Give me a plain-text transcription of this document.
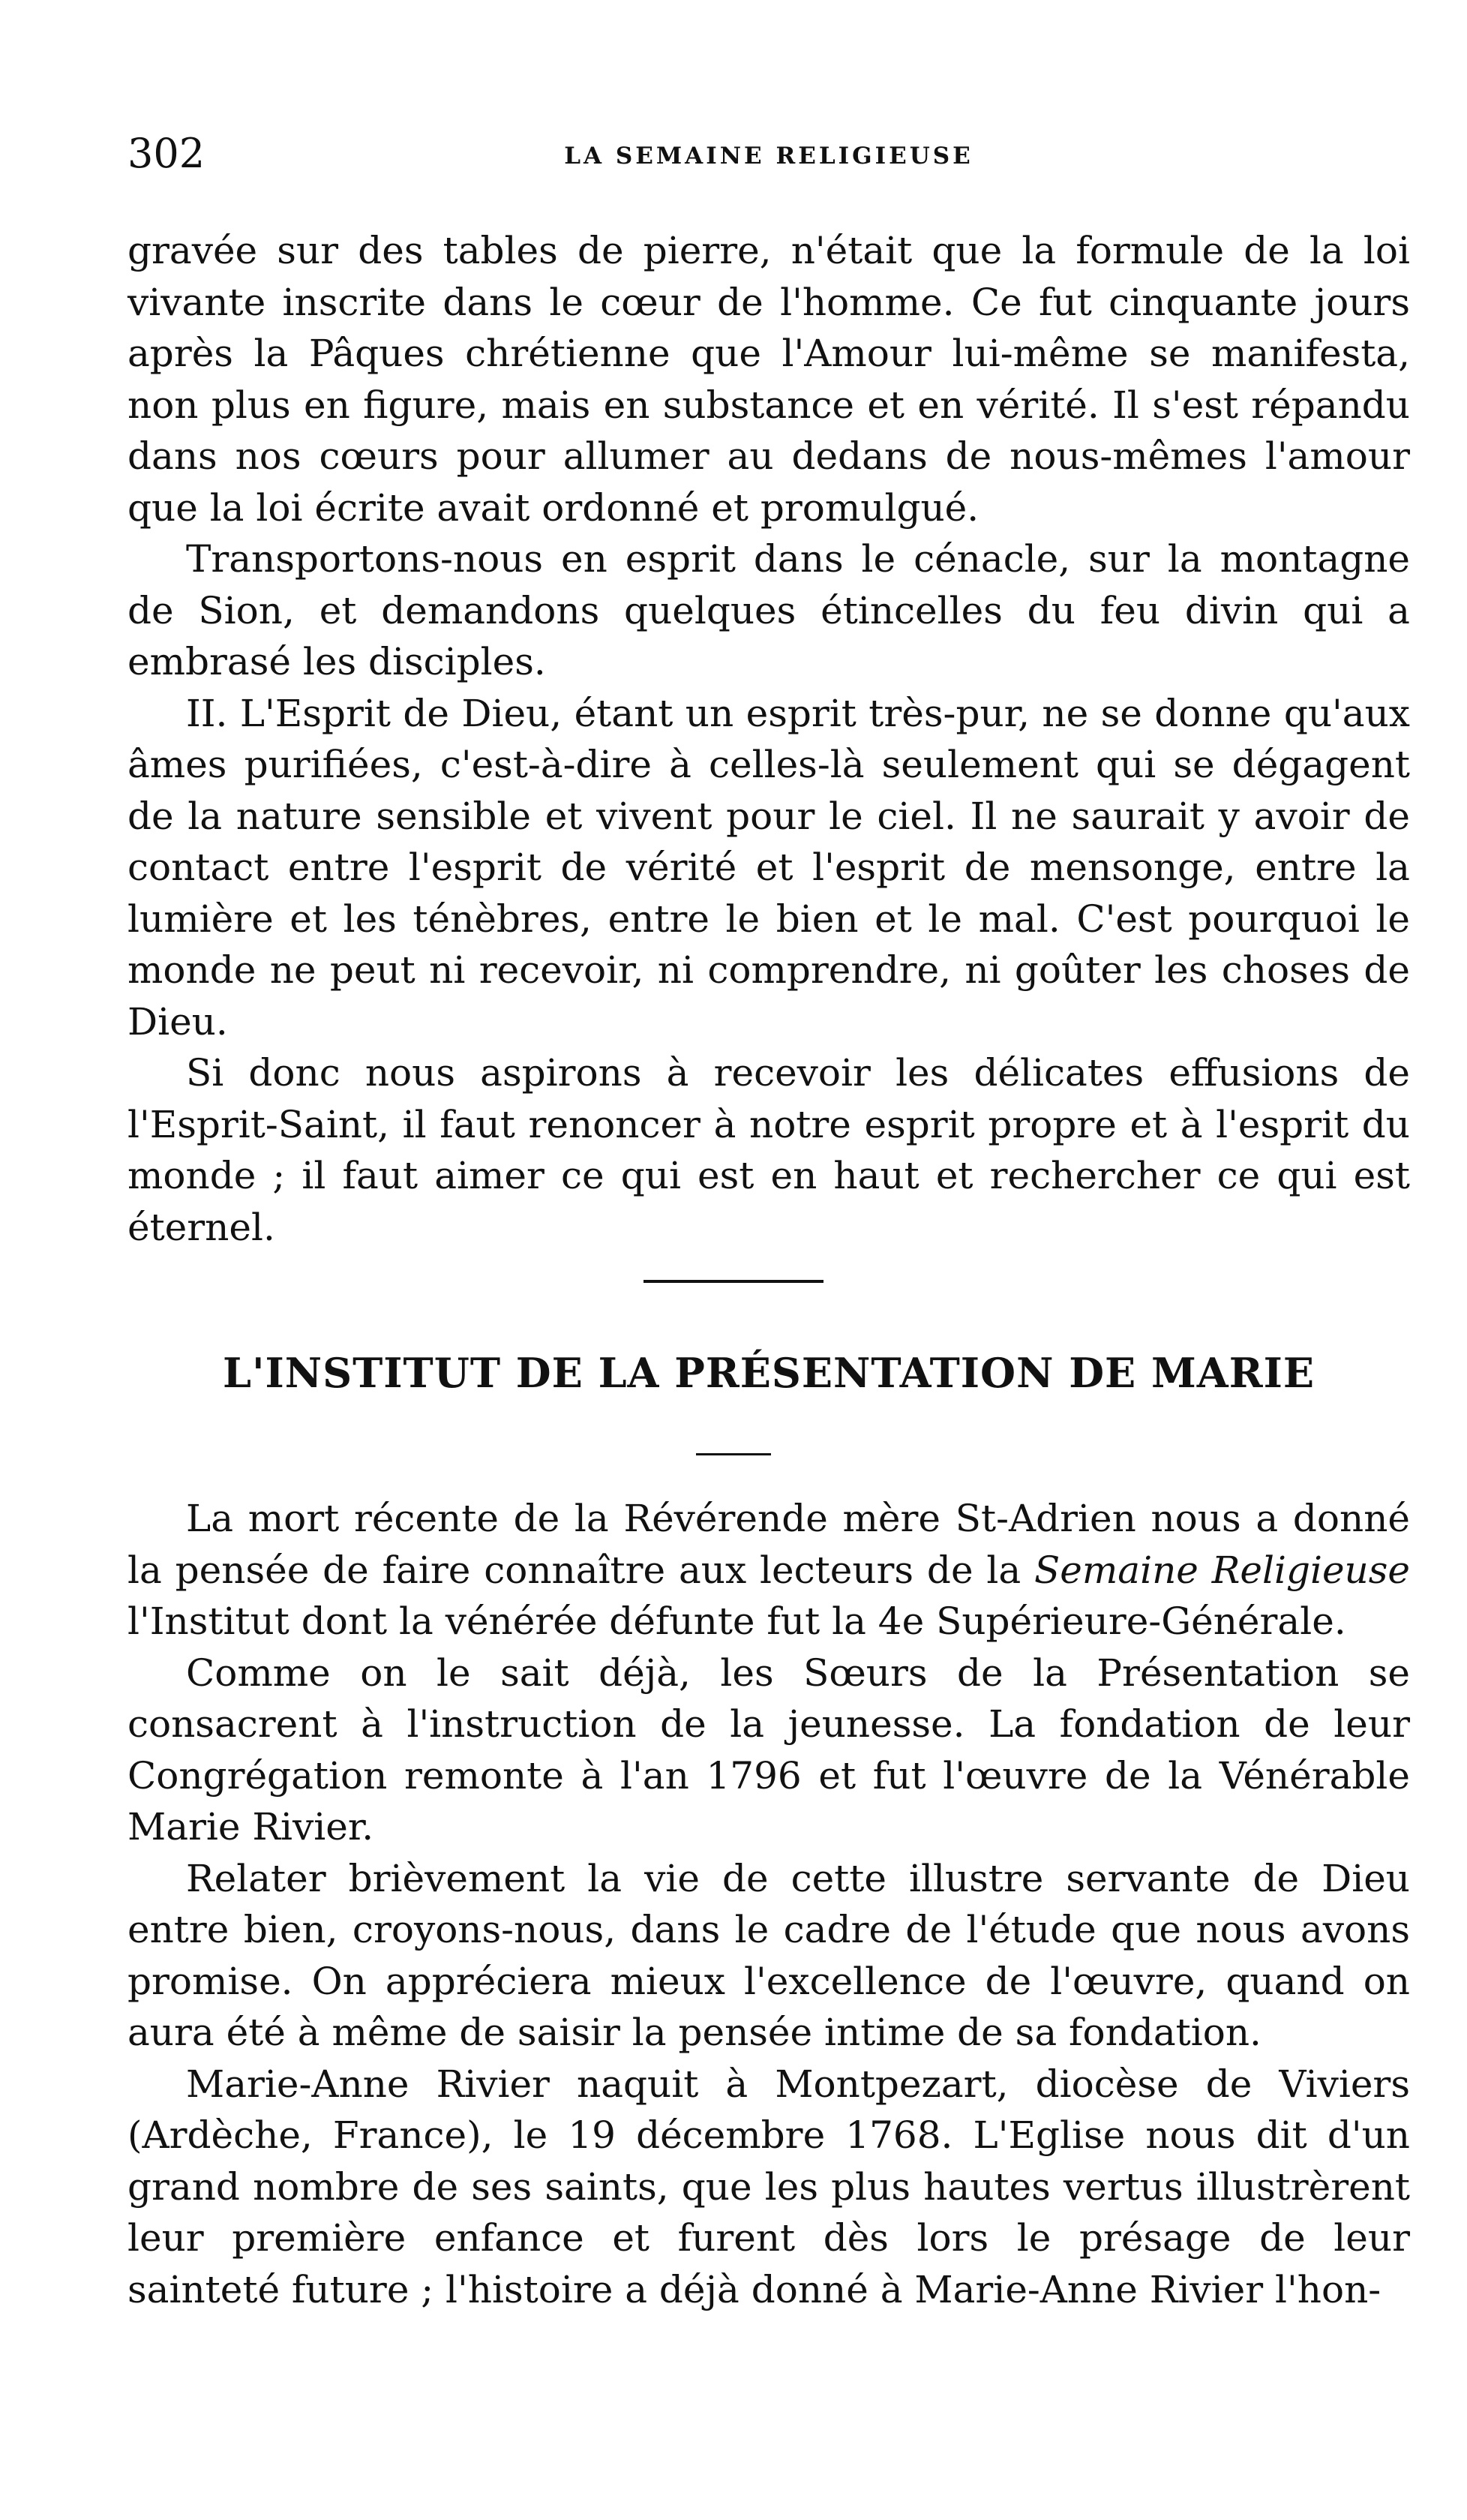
302	LA SEMAINE RELIGIEUSE

gravée sur des tables de pierre, n'était que la formule de la loi vivante inscrite dans le cœur de l'homme. Ce fut cinquante jours après la Pâques chrétienne que l'Amour lui-même se manifesta, non plus en figure, mais en substance et en vérité. Il s'est répandu dans nos cœurs pour allumer au dedans de nous-mêmes l'amour que la loi écrite avait ordonné et promulgué.

Transportons-nous en esprit dans le cénacle, sur la montagne de Sion, et demandons quelques étincelles du feu divin qui a embrasé les disciples.

II. L'Esprit de Dieu, étant un esprit très-pur, ne se donne qu'aux âmes purifiées, c'est-à-dire à celles-là seulement qui se dégagent de la nature sensible et vivent pour le ciel. Il ne saurait y avoir de contact entre l'esprit de vérité et l'esprit de mensonge, entre la lumière et les ténèbres, entre le bien et le mal. C'est pourquoi le monde ne peut ni recevoir, ni comprendre, ni goûter les choses de Dieu.

Si donc nous aspirons à recevoir les délicates effusions de l'Esprit-Saint, il faut renoncer à notre esprit propre et à l'esprit du monde ; il faut aimer ce qui est en haut et rechercher ce qui est éternel.

L'INSTITUT DE LA PRÉSENTATION DE MARIE

La mort récente de la Révérende mère St-Adrien nous a donné la pensée de faire connaître aux lecteurs de la Semaine Religieuse l'Institut dont la vénérée défunte fut la 4e Supérieure-Générale.

Comme on le sait déjà, les Sœurs de la Présentation se consacrent à l'instruction de la jeunesse. La fondation de leur Congrégation remonte à l'an 1796 et fut l'œuvre de la Vénérable Marie Rivier.

Relater brièvement la vie de cette illustre servante de Dieu entre bien, croyons-nous, dans le cadre de l'étude que nous avons promise. On appréciera mieux l'excellence de l'œuvre, quand on aura été à même de saisir la pensée intime de sa fondation.

Marie-Anne Rivier naquit à Montpezart, diocèse de Viviers (Ardèche, France), le 19 décembre 1768. L'Eglise nous dit d'un grand nombre de ses saints, que les plus hautes vertus illustrèrent leur première enfance et furent dès lors le présage de leur sainteté future ; l'histoire a déjà donné à Marie-Anne Rivier l'hon-
